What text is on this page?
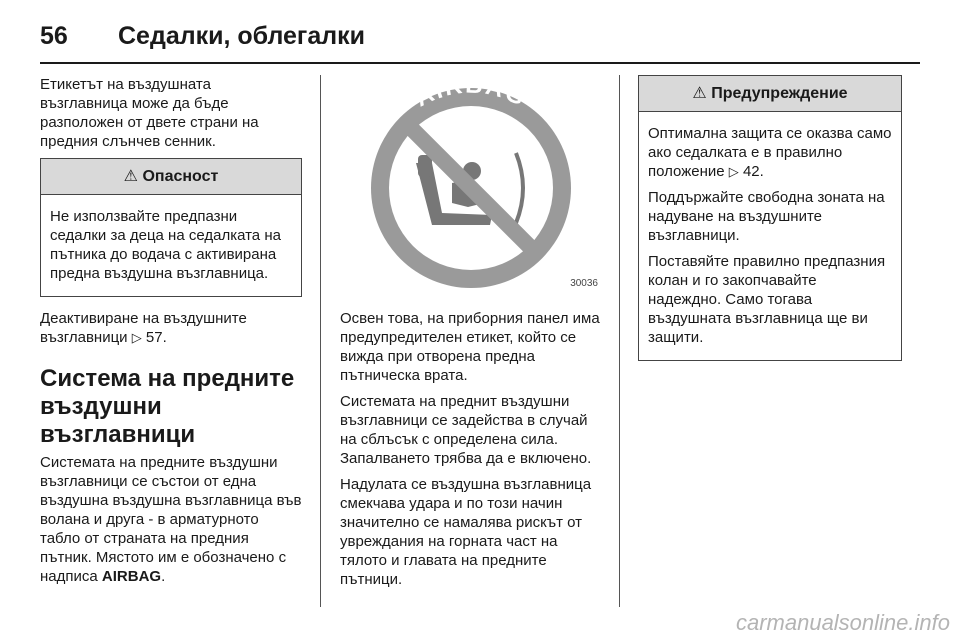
56 Седалки, облегалки

Етикетът на въздушната възглавница може да бъде разположен от двете страни на предния слънчев сенник.

⚠ Опасност

Не използвайте предпазни седалки за деца на седалката на пътника до водача с активирана предна въздушна възглавница.

Деактивиране на въздушните възглавници ▷ 57.

Система на предните въздушни възглавници

Системата на предните въздушни възглавници се състои от една въздушна въздушна възглавница във волана и друга - в арматурното табло от страната на предния пътник. Мястото им е обозначено с надписа AIRBAG.

AIRBAG
30036

Освен това, на приборния панел има предупредителен етикет, който се вижда при отворена предна пътническа врата.

Системата на преднит въздушни възглавници се задейства в случай на сблъсък с определена сила. Запалването трябва да е включено.

Надулата се въздушна възглавница смекчава удара и по този начин значително се намалява рискът от увреждания на горната част на тялото и главата на предните пътници.

⚠ Предупреждение

Оптимална защита се оказва само ако седалката е в правилно положение ▷ 42.

Поддържайте свободна зоната на надуване на въздушните възглавници.

Поставяйте правилно предпазния колан и го закопчавайте надеждно. Само тогава въздушната възглавница ще ви защити.

carmanualsonline.info
